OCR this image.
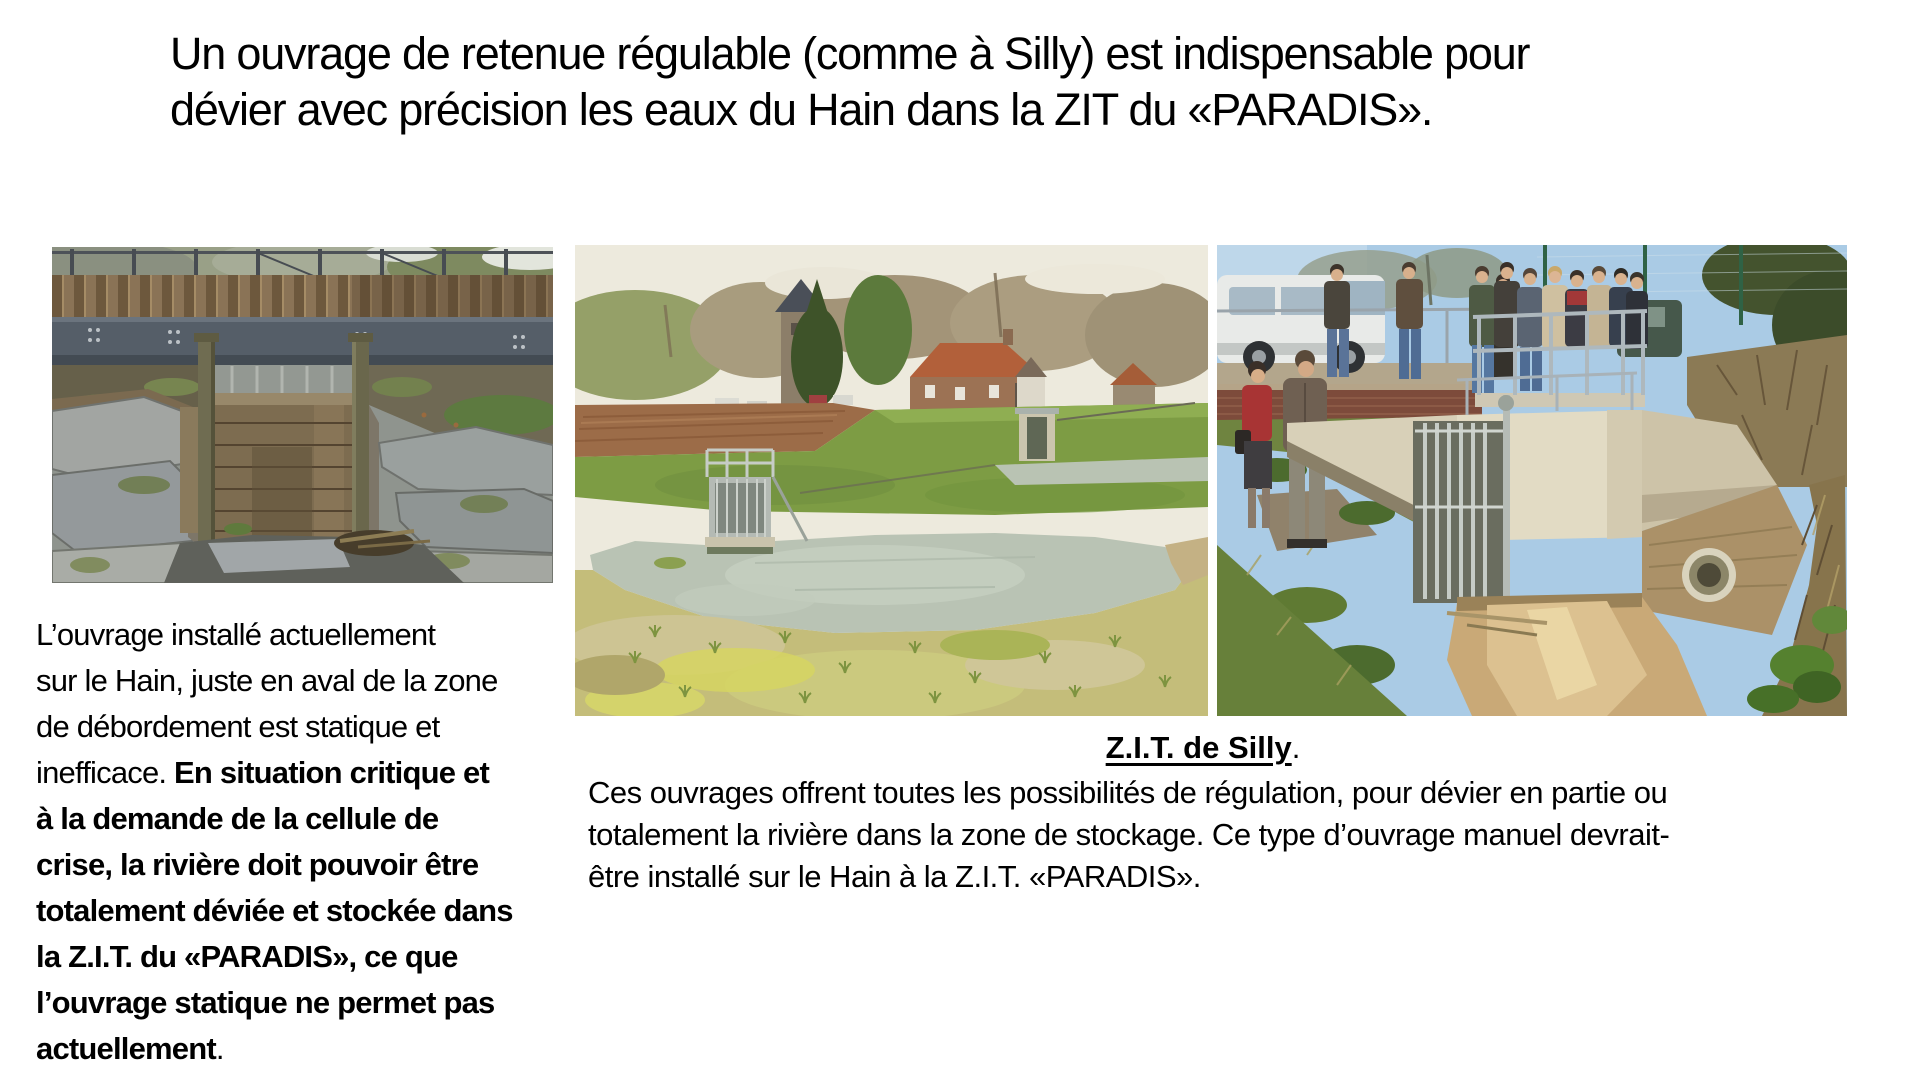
Un ouvrage de retenue régulable (comme à Silly) est indispensable pour
dévier avec précision les eaux du Hain dans la ZIT du «PARADIS».
L’ouvrage installé actuellement
sur le Hain, juste en aval de la zone
de débordement est statique et
inefficace. En situation critique et
à la demande de la cellule de
crise, la rivière doit pouvoir être
totalement déviée et stockée dans
la Z.I.T. du «PARADIS», ce que
l’ouvrage statique ne permet pas
actuellement.
Z.I.T. de Silly.
Ces ouvrages offrent toutes les possibilités de régulation, pour dévier en partie ou
totalement la rivière dans la zone de stockage. Ce type d’ouvrage manuel devrait-
être installé sur le Hain à la Z.I.T. «PARADIS».
